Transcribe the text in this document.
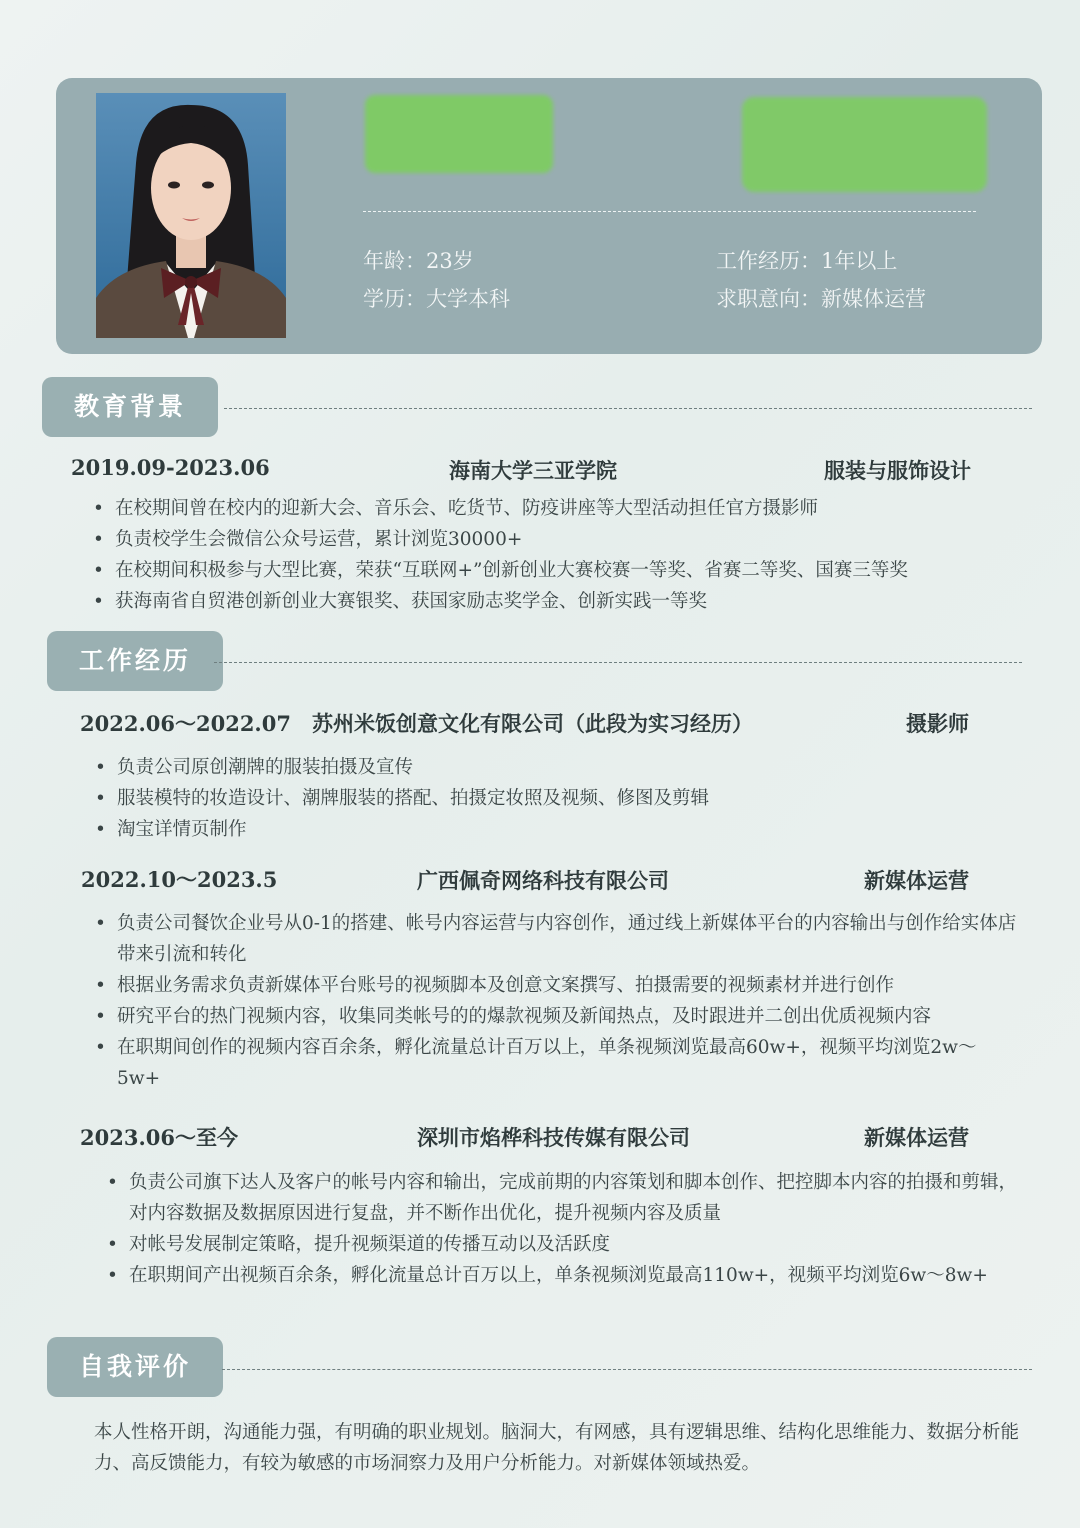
年龄：23岁	工作经历：1年以上
学历：大学本科	求职意向：新媒体运营
教育背景
2019.09-2023.06	海南大学三亚学院	服装与服饰设计
• 在校期间曾在校内的迎新大会、音乐会、吃货节、防疫讲座等大型活动担任官方摄影师
• 负责校学生会微信公众号运营，累计浏览30000+
• 在校期间积极参与大型比赛，荣获“互联网+”创新创业大赛校赛一等奖、省赛二等奖、国赛三等奖
• 获海南省自贸港创新创业大赛银奖、获国家励志奖学金、创新实践一等奖
工作经历
2022.06～2022.07 苏州米饭创意文化有限公司（此段为实习经历）	摄影师
• 负责公司原创潮牌的服装拍摄及宣传
• 服装模特的妆造设计、潮牌服装的搭配、拍摄定妆照及视频、修图及剪辑
• 淘宝详情页制作
2022.10～2023.5	广西佩奇网络科技有限公司	新媒体运营
• 负责公司餐饮企业号从0-1的搭建、帐号内容运营与内容创作，通过线上新媒体平台的内容输出与创作给实体店带来引流和转化
• 根据业务需求负责新媒体平台账号的视频脚本及创意文案撰写、拍摄需要的视频素材并进行创作
• 研究平台的热门视频内容，收集同类帐号的的爆款视频及新闻热点，及时跟进并二创出优质视频内容
• 在职期间创作的视频内容百余条，孵化流量总计百万以上，单条视频浏览最高60w+，视频平均浏览2w～5w+
2023.06～至今	深圳市焰桦科技传媒有限公司	新媒体运营
• 负责公司旗下达人及客户的帐号内容和输出，完成前期的内容策划和脚本创作、把控脚本内容的拍摄和剪辑，对内容数据及数据原因进行复盘，并不断作出优化，提升视频内容及质量
• 对帐号发展制定策略，提升视频渠道的传播互动以及活跃度
• 在职期间产出视频百余条，孵化流量总计百万以上，单条视频浏览最高110w+，视频平均浏览6w～8w+
自我评价
本人性格开朗，沟通能力强，有明确的职业规划。脑洞大，有网感，具有逻辑思维、结构化思维能力、数据分析能力、高反馈能力，有较为敏感的市场洞察力及用户分析能力。对新媒体领域热爱。
